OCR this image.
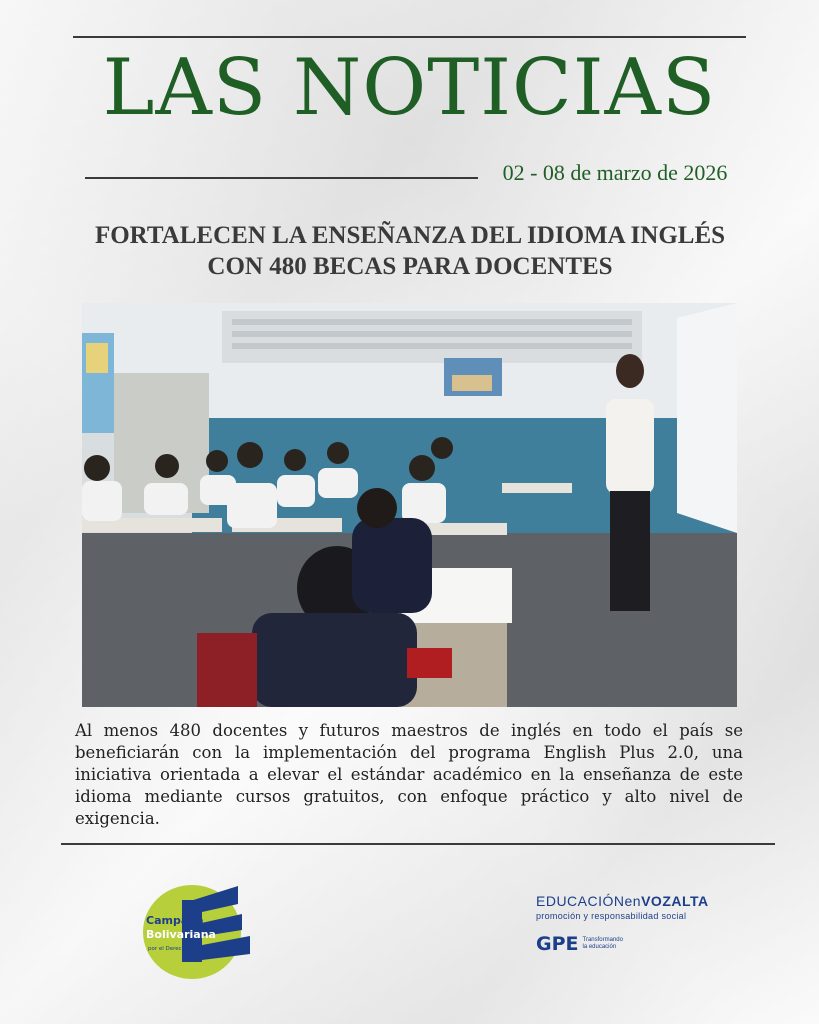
LAS NOTICIAS
02 - 08 de marzo de 2026
FORTALECEN LA ENSEÑANZA DEL IDIOMA INGLÉS
CON 480 BECAS PARA DOCENTES
Al menos 480 docentes y futuros maestros de inglés en todo el país se beneficiarán con la implementación del programa English Plus 2.0, una iniciativa orientada a elevar el estándar académico en la enseñanza de este idioma mediante cursos gratuitos, con enfoque práctico y alto nivel de exigencia.
Campaña
Bolivariana
por el Derecho a la Educación
EDUCACIÓNenVOZALTA
promoción y responsabilidad social
GPE Transformando
la educación
